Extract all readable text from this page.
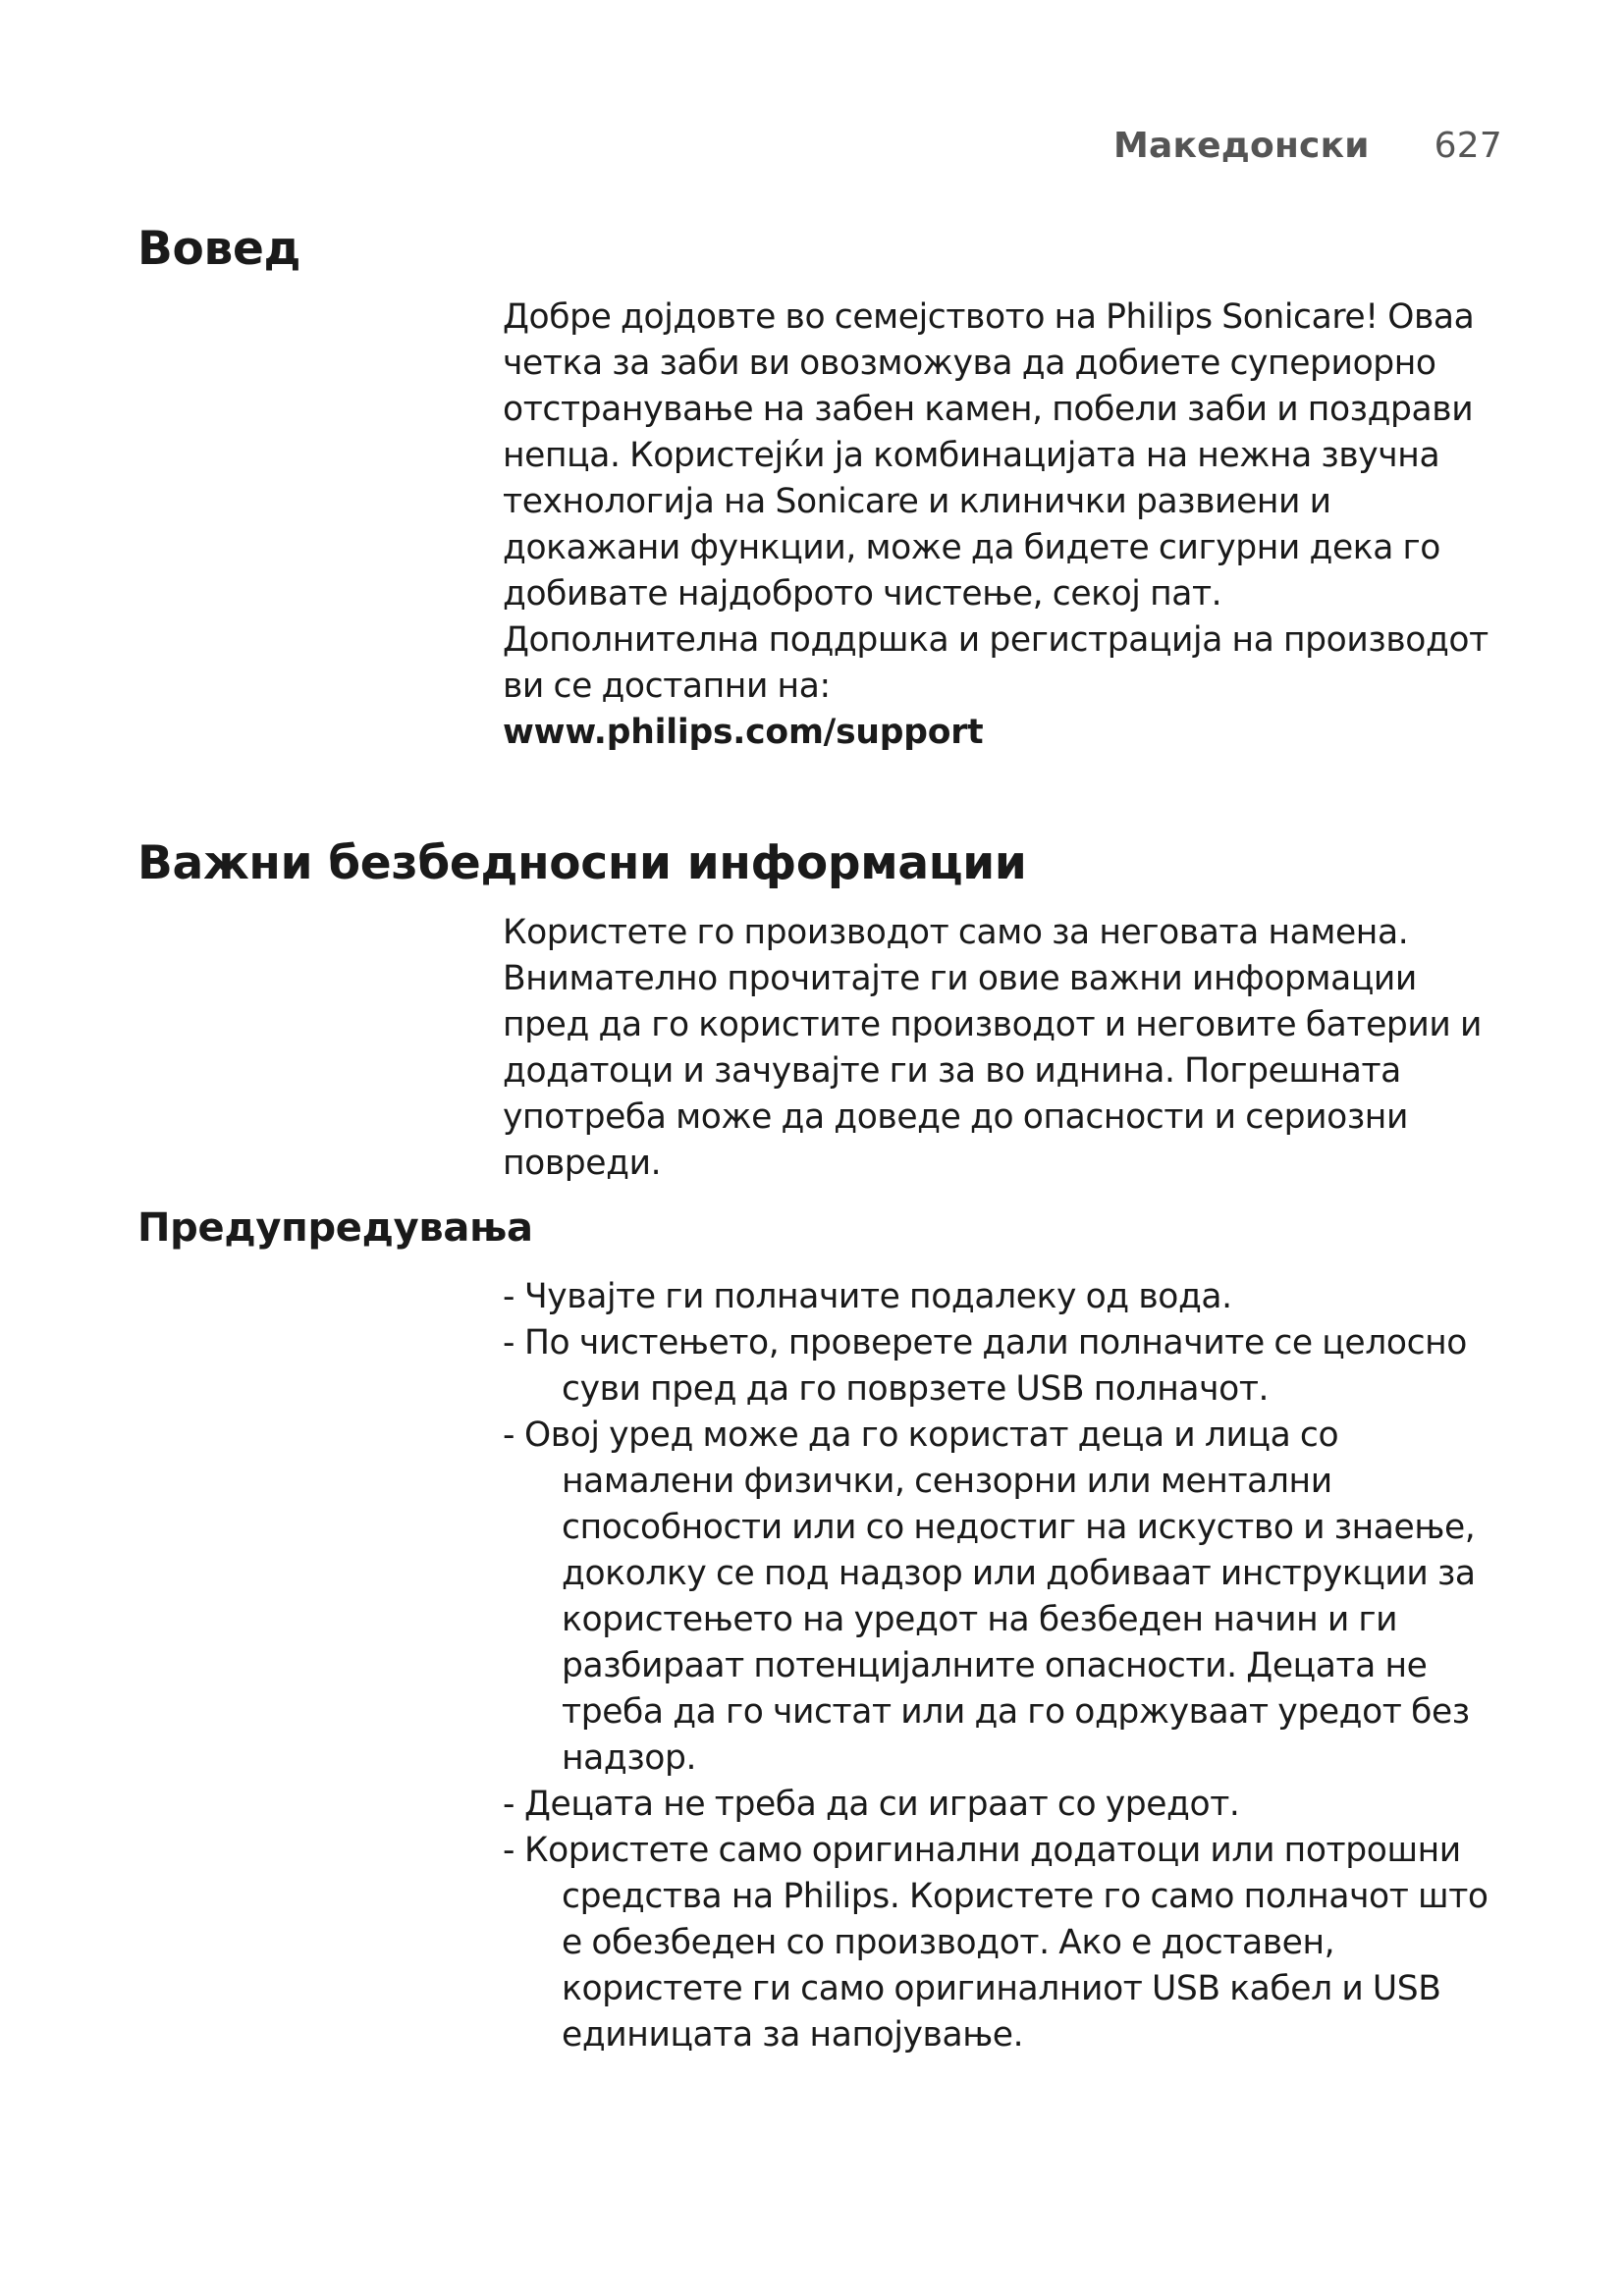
Македонски 627
Вовед

Добре дојдовте во семејството на Philips Sonicare! Оваа четка за заби ви овозможува да добиете супериорно отстранување на забен камен, побели заби и поздрави непца. Користејќи ја комбинацијата на нежна звучна технологија на Sonicare и клинички развиени и докажани функции, може да бидете сигурни дека го добивате најдоброто чистење, секој пат.

Дополнителна поддршка и регистрација на производот ви се достапни на:

www.philips.com/support

Важни безбедносни информации

Користете го производот само за неговата намена. Внимателно прочитајте ги овие важни информации пред да го користите производот и неговите батерии и додатоци и зачувајте ги за во иднина. Погрешната употреба може да доведе до опасности и сериозни повреди.

Предупредувања
- Чувајте ги полначите подалеку од вода.
- По чистењето, проверете дали полначите се целосно суви пред да го поврзете USB полначот.
- Овој уред може да го користат деца и лица со намалени физички, сензорни или ментални способности или со недостиг на искуство и знаење, доколку се под надзор или добиваат инструкции за користењето на уредот на безбеден начин и ги разбираат потенцијалните опасности. Децата не треба да го чистат или да го одржуваат уредот без надзор.
- Децата не треба да си играат со уредот.
- Користете само оригинални додатоци или потрошни средства на Philips. Користете го само полначот што е обезбеден со производот. Ако е доставен, користете ги само оригиналниот USB кабел и USB единицата за напојување.
